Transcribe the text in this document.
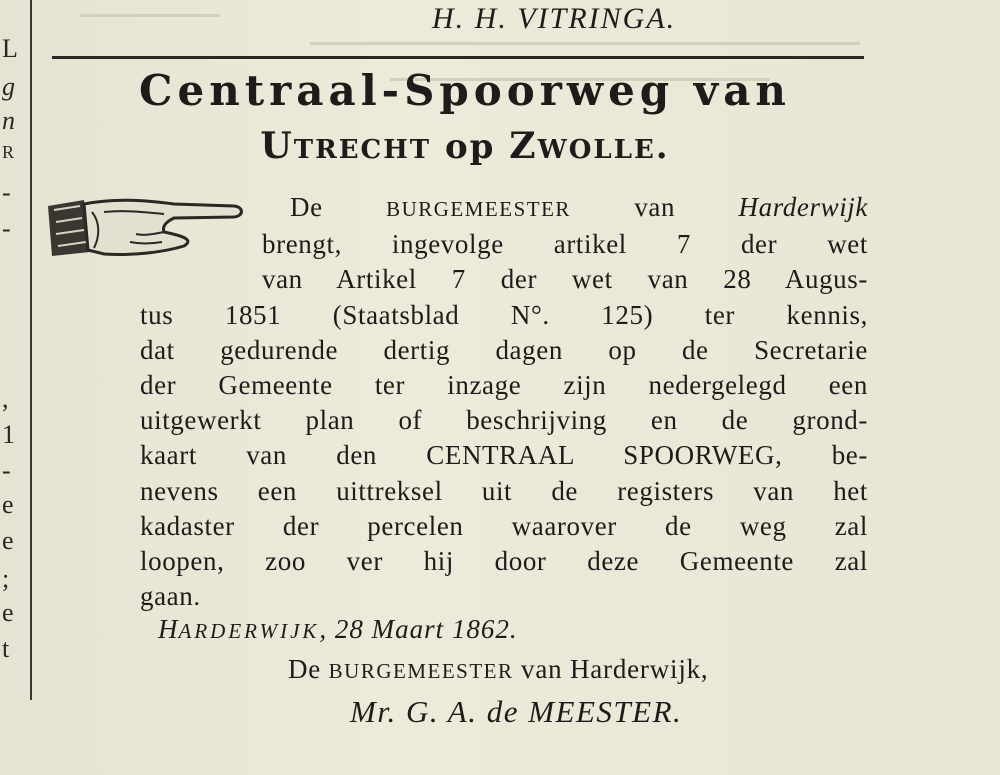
L
g
n
R
-
-
,
1
-
e
e
;
e
t
H. H. VITRINGA.
Centraal-Spoorweg van
UTRECHT op ZWOLLE.
De BURGEMEESTER van Harderwijk
brengt, ingevolge artikel 7 der wet
van Artikel 7 der wet van 28 Augus-
tus 1851 (Staatsblad N°. 125) ter kennis,
dat gedurende dertig dagen op de Secretarie
der Gemeente ter inzage zijn nedergelegd een
uitgewerkt plan of beschrijving en de grond-
kaart van den CENTRAAL SPOORWEG, be-
nevens een uittreksel uit de registers van het
kadaster der percelen waarover de weg zal
loopen, zoo ver hij door deze Gemeente zal
gaan.
HARDERWIJK, 28 Maart 1862.
De BURGEMEESTER van Harderwijk,
Mr. G. A. de MEESTER.
